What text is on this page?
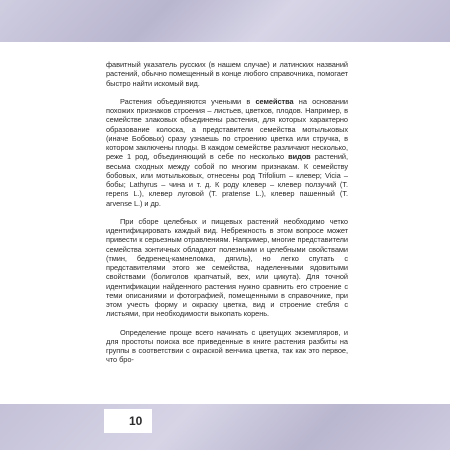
фавитный указатель русских (в нашем случае) и латинских названий растений, обычно помещенный в конце любого справочника, помогает быстро найти искомый вид.

Растения объединяются учеными в семейства на основании похожих признаков строения – листьев, цветков, плодов. Например, в семействе злаковых объединены растения, для которых характерно образование колоска, а представители семейства мотыльковых (иначе Бобовых) сразу узнаешь по строению цветка или стручка, в котором заключены плоды. В каждом семействе различают несколько, реже 1 род, объединяющий в себе по несколько видов растений, весьма сходных между собой по многим признакам. К семейству бобовых, или мотыльковых, отнесены род Trifolium – клевер; Vicia – бобы; Lathyrus – чина и т. д. К роду клевер – клевер ползучий (T. repens L.), клевер луговой (T. pratense L.), клевер пашенный (T. arvense L.) и др.

При сборе целебных и пищевых растений необходимо четко идентифицировать каждый вид. Небрежность в этом вопросе может привести к серьезным отравлениям. Например, многие представители семейства зонтичных обладают полезными и целебными свойствами (тмин, бедренец-камнеломка, дягиль), но легко спутать с представителями этого же семейства, наделенными ядовитыми свойствами (болиголов крапчатый, вех, или цикута). Для точной идентификации найденного растения нужно сравнить его строение с теми описаниями и фотографией, помещенными в справочнике, при этом учесть форму и окраску цветка, вид и строение стебля с листьями, при необходимости выкопать корень.

Определение проще всего начинать с цветущих экземпляров, и для простоты поиска все приведенные в книге растения разбиты на группы в соответствии с окраской венчика цветка, так как это первое, что бро-

10
